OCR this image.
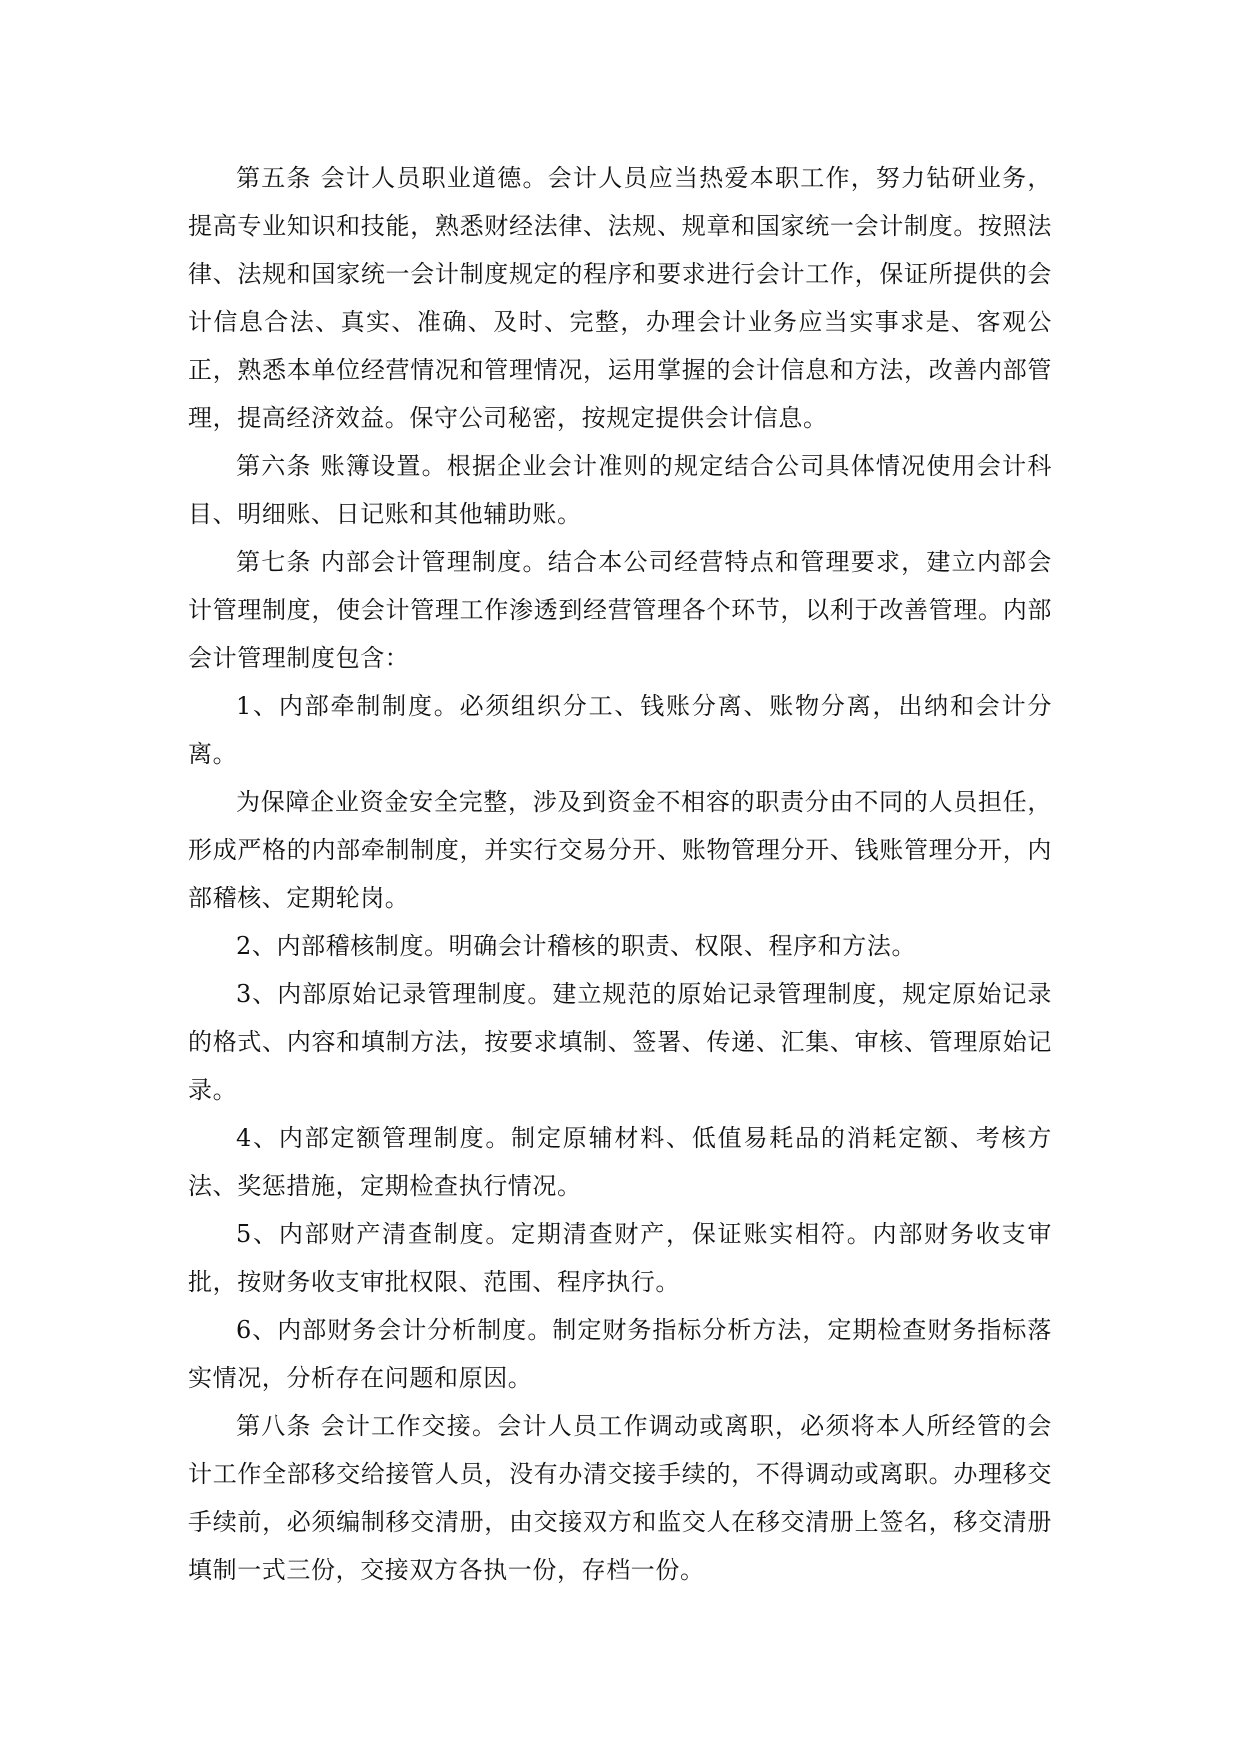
第五条 会计人员职业道德。会计人员应当热爱本职工作，努力钻研业务，提高专业知识和技能，熟悉财经法律、法规、规章和国家统一会计制度。按照法律、法规和国家统一会计制度规定的程序和要求进行会计工作，保证所提供的会计信息合法、真实、准确、及时、完整，办理会计业务应当实事求是、客观公正，熟悉本单位经营情况和管理情况，运用掌握的会计信息和方法，改善内部管理，提高经济效益。保守公司秘密，按规定提供会计信息。

第六条 账簿设置。根据企业会计准则的规定结合公司具体情况使用会计科目、明细账、日记账和其他辅助账。

第七条 内部会计管理制度。结合本公司经营特点和管理要求，建立内部会计管理制度，使会计管理工作渗透到经营管理各个环节，以利于改善管理。内部会计管理制度包含：

1、内部牵制制度。必须组织分工、钱账分离、账物分离，出纳和会计分离。

为保障企业资金安全完整，涉及到资金不相容的职责分由不同的人员担任，形成严格的内部牵制制度，并实行交易分开、账物管理分开、钱账管理分开，内部稽核、定期轮岗。

2、内部稽核制度。明确会计稽核的职责、权限、程序和方法。

3、内部原始记录管理制度。建立规范的原始记录管理制度，规定原始记录的格式、内容和填制方法，按要求填制、签署、传递、汇集、审核、管理原始记录。

4、内部定额管理制度。制定原辅材料、低值易耗品的消耗定额、考核方法、奖惩措施，定期检查执行情况。

5、内部财产清查制度。定期清查财产，保证账实相符。内部财务收支审批，按财务收支审批权限、范围、程序执行。

6、内部财务会计分析制度。制定财务指标分析方法，定期检查财务指标落实情况，分析存在问题和原因。

第八条 会计工作交接。会计人员工作调动或离职，必须将本人所经管的会计工作全部移交给接管人员，没有办清交接手续的，不得调动或离职。办理移交手续前，必须编制移交清册，由交接双方和监交人在移交清册上签名，移交清册填制一式三份，交接双方各执一份，存档一份。
